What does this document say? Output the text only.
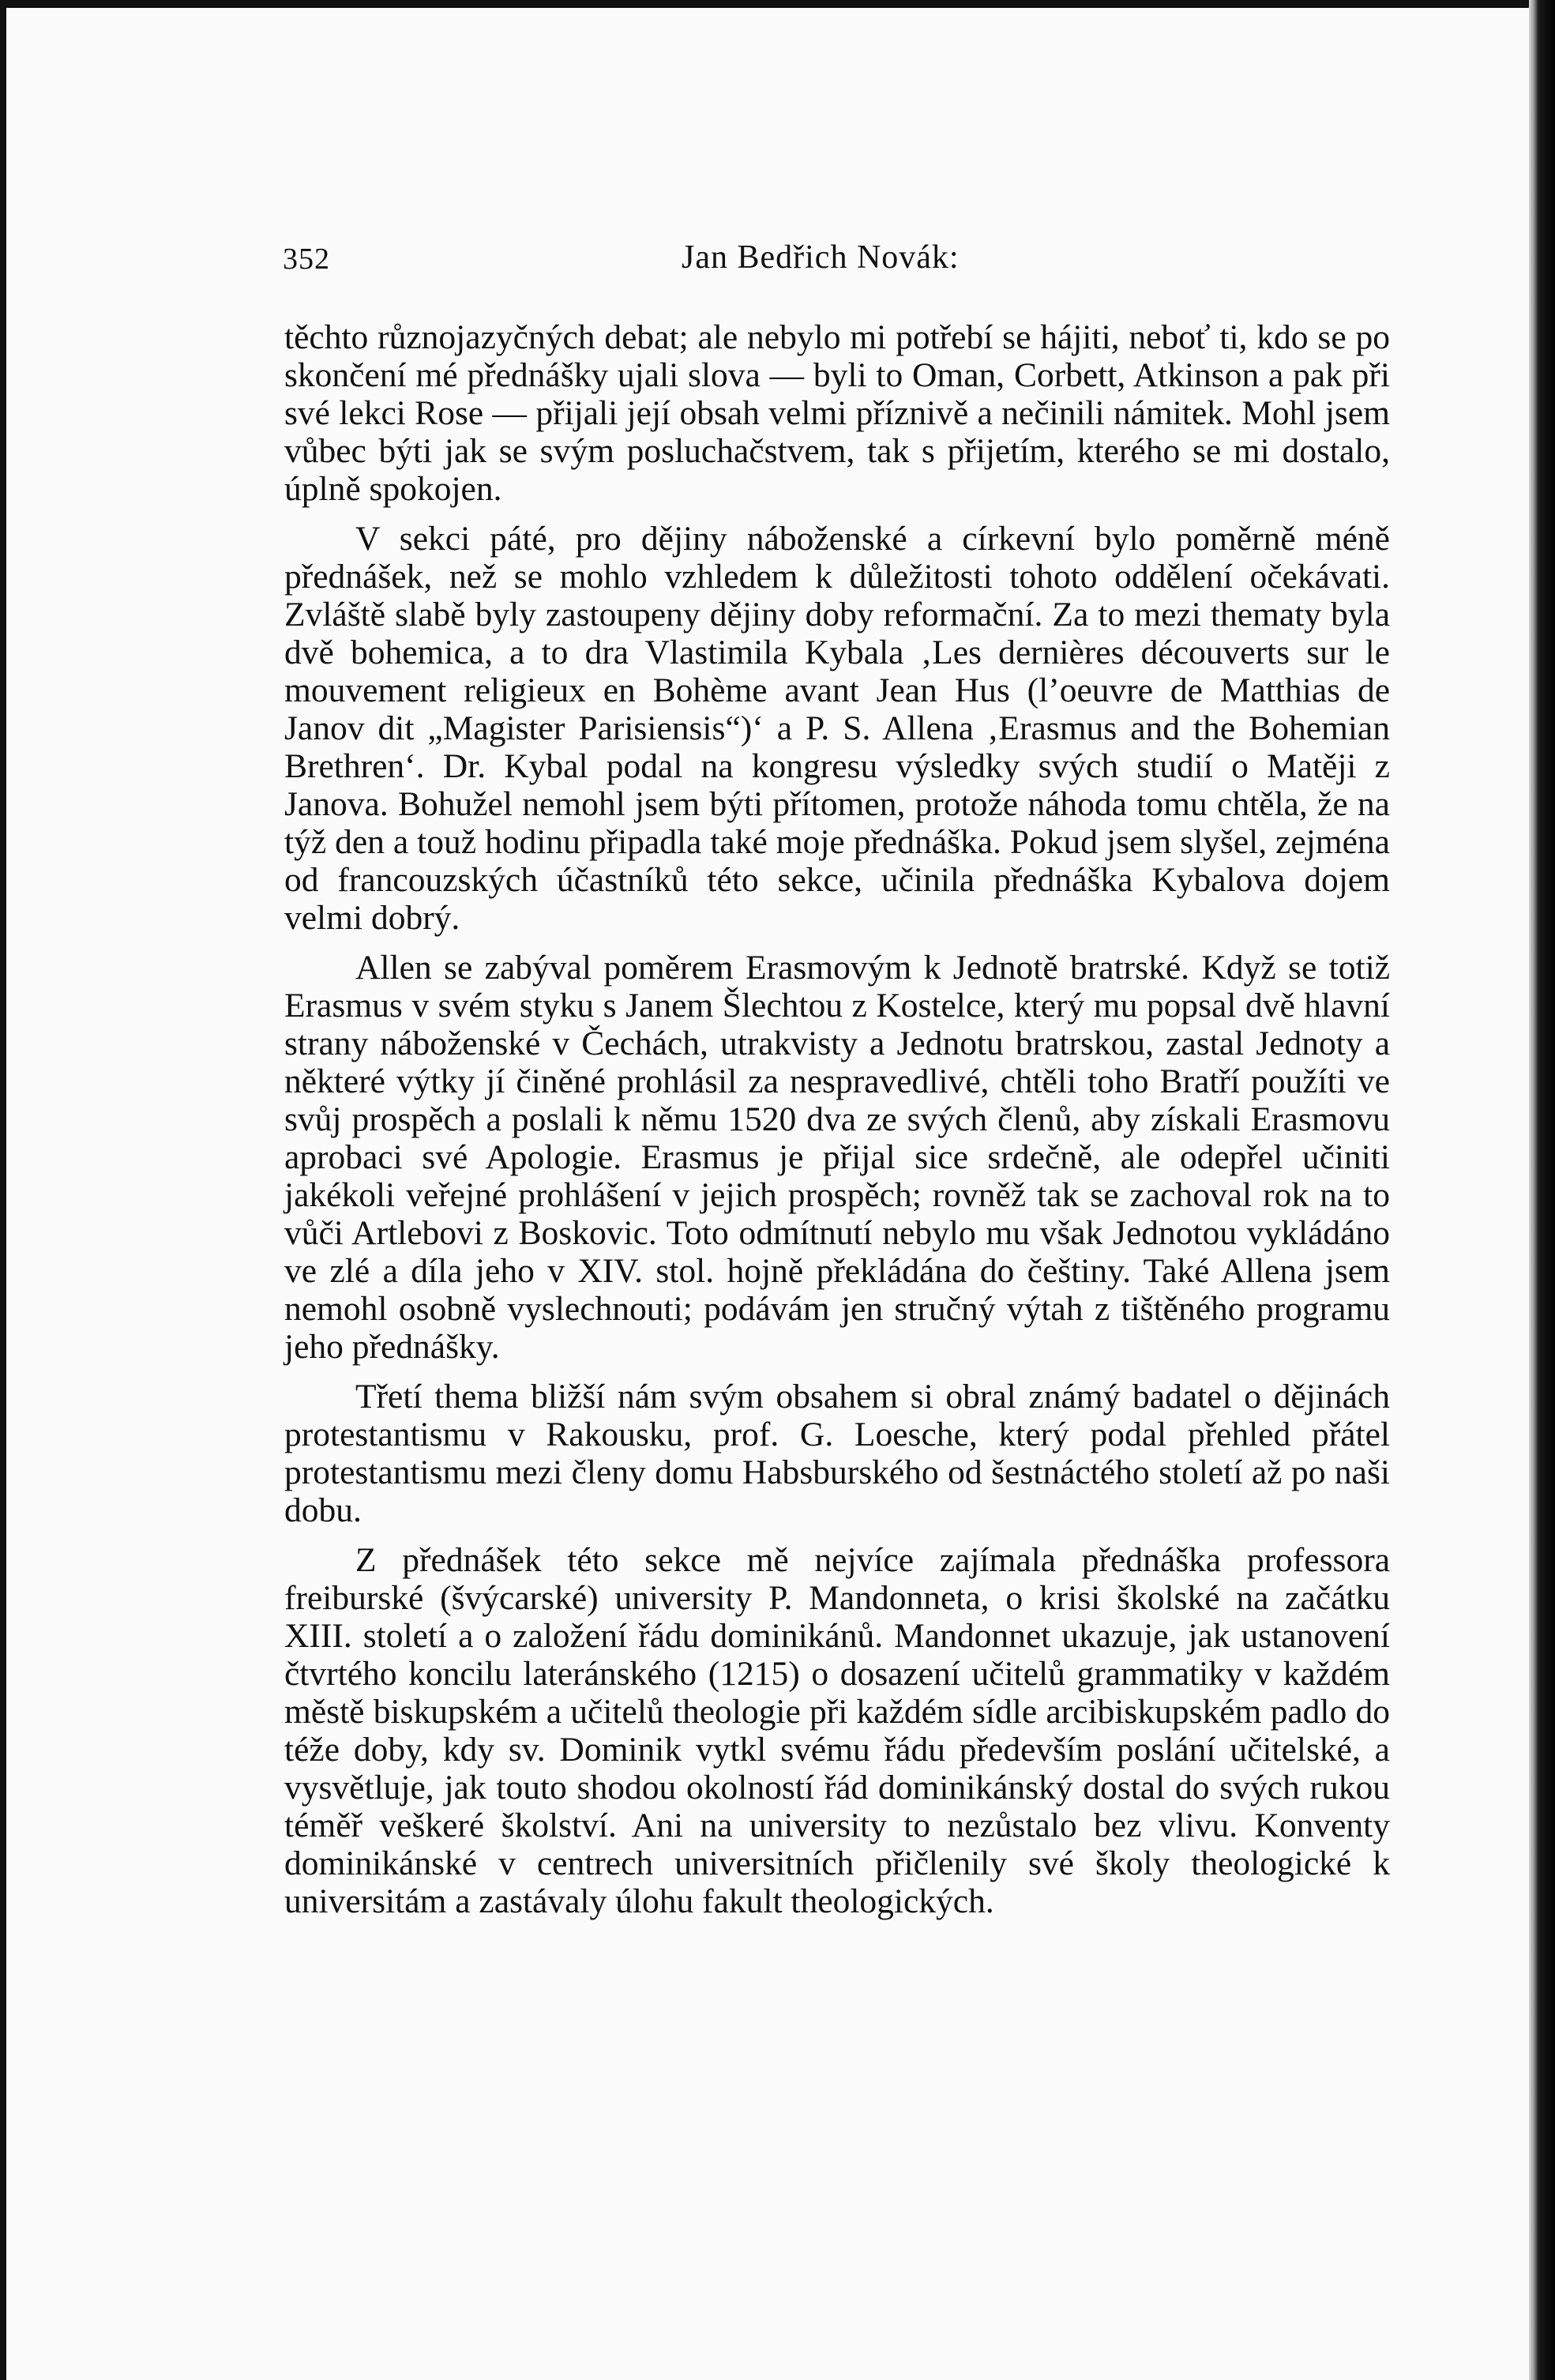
352	Jan Bedřich Novák:

těchto různojazyčných debat; ale nebylo mi potřebí se hájiti, neboť ti, kdo se po skončení mé přednášky ujali slova — byli to Oman, Corbett, Atkinson a pak při své lekci Rose — přijali její obsah velmi příznivě a nečinili námitek. Mohl jsem vůbec býti jak se svým posluchačstvem, tak s přijetím, kterého se mi dostalo, úplně spokojen.

V sekci páté, pro dějiny náboženské a církevní bylo poměrně méně přednášek, než se mohlo vzhledem k důležitosti tohoto oddělení očekávati. Zvláště slabě byly zastoupeny dějiny doby reformační. Za to mezi thematy byla dvě bohemica, a to dra Vlastimila Kybala ‚Les dernières découverts sur le mouvement religieux en Bohème avant Jean Hus (l’oeuvre de Matthias de Janov dit „Magister Parisiensis“)‘ a P. S. Allena ‚Erasmus and the Bohemian Brethren‘. Dr. Kybal podal na kongresu výsledky svých studií o Matěji z Janova. Bohužel nemohl jsem býti přítomen, protože náhoda tomu chtěla, že na týž den a touž hodinu připadla také moje přednáška. Pokud jsem slyšel, zejména od francouzských účastníků této sekce, učinila přednáška Kybalova dojem velmi dobrý.

Allen se zabýval poměrem Erasmovým k Jednotě bratrské. Když se totiž Erasmus v svém styku s Janem Šlechtou z Kostelce, který mu popsal dvě hlavní strany náboženské v Čechách, utrakvisty a Jednotu bratrskou, zastal Jednoty a některé výtky jí činěné prohlásil za nespravedlivé, chtěli toho Bratří použíti ve svůj prospěch a poslali k němu 1520 dva ze svých členů, aby získali Erasmovu aprobaci své Apologie. Erasmus je přijal sice srdečně, ale odepřel učiniti jakékoli veřejné prohlášení v jejich prospěch; rovněž tak se zachoval rok na to vůči Artlebovi z Boskovic. Toto odmítnutí nebylo mu však Jednotou vykládáno ve zlé a díla jeho v XIV. stol. hojně překládána do češtiny. Také Allena jsem nemohl osobně vyslechnouti; podávám jen stručný výtah z tištěného programu jeho přednášky.

Třetí thema bližší nám svým obsahem si obral známý badatel o dějinách protestantismu v Rakousku, prof. G. Loesche, který podal přehled přátel protestantismu mezi členy domu Habsburského od šestnáctého století až po naši dobu.

Z přednášek této sekce mě nejvíce zajímala přednáška professora freiburské (švýcarské) university P. Mandonneta, o krisi školské na začátku XIII. století a o založení řádu dominikánů. Mandonnet ukazuje, jak ustanovení čtvrtého koncilu lateránského (1215) o dosazení učitelů grammatiky v každém městě biskupském a učitelů theologie při každém sídle arcibiskupském padlo do téže doby, kdy sv. Dominik vytkl svému řádu především poslání učitelské, a vysvětluje, jak touto shodou okolností řád dominikánský dostal do svých rukou téměř veškeré školství. Ani na university to nezůstalo bez vlivu. Konventy dominikánské v centrech universitních přičlenily své školy theologické k universitám a zastávaly úlohu fakult theologických.
